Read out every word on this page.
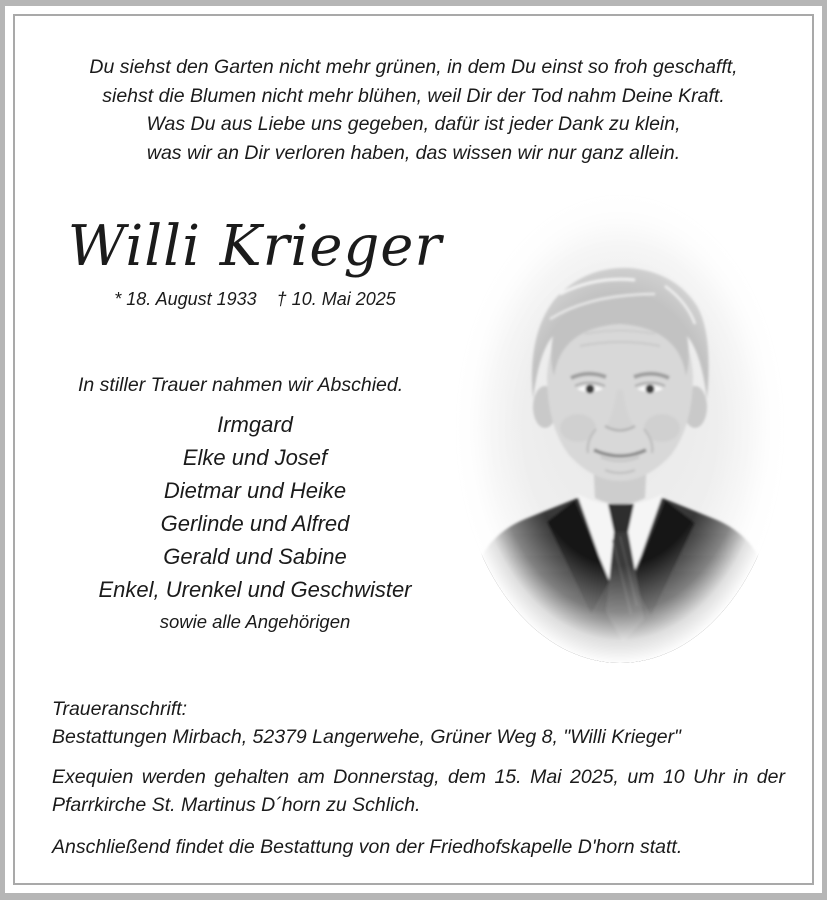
Du siehst den Garten nicht mehr grünen, in dem Du einst so froh geschafft,
siehst die Blumen nicht mehr blühen, weil Dir der Tod nahm Deine Kraft.
Was Du aus Liebe uns gegeben, dafür ist jeder Dank zu klein,
was wir an Dir verloren haben, das wissen wir nur ganz allein.
Willi Krieger
* 18. August 1933 † 10. Mai 2025
In stiller Trauer nahmen wir Abschied.
Irmgard
Elke und Josef
Dietmar und Heike
Gerlinde und Alfred
Gerald und Sabine
Enkel, Urenkel und Geschwister
sowie alle Angehörigen

Traueranschrift:

Bestattungen Mirbach, 52379 Langerwehe, Grüner Weg 8, "Willi Krieger"

Exequien werden gehalten am Donnerstag, dem 15. Mai 2025, um 10 Uhr in der Pfarrkirche St. Martinus D´horn zu Schlich.

Anschließend findet die Bestattung von der Friedhofskapelle D'horn statt.
